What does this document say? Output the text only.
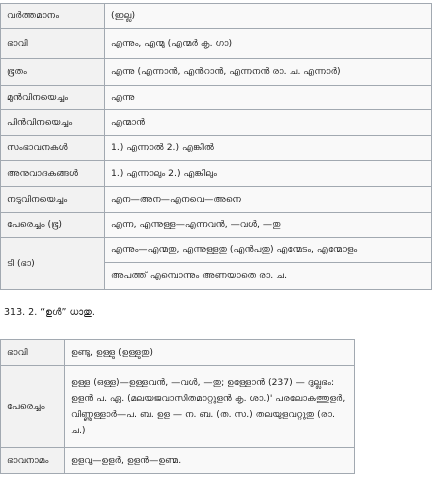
വർത്തമാനം	(ഇല്ല)
ഭാവി	എന്നും, എന്മു (എന്മർ കൃ. ഗാ)
ഭൂതം	എന്നു (എന്നാൻ, എൻറാൻ, എന്നനൻ രാ. ച. എന്നാർ)
മുൻവിനയെച്ചം	എന്നു
പിൻവിനയെച്ചം	എന്മാൻ
സംഭാവനകൾ	1.) എന്നാൽ 2.) എങ്കിൽ
അനുവാദകങ്ങൾ	1.) എന്നാലും 2.) എങ്കിലും
നടുവിനയെച്ചം	എന—അന—എനവെ—അനെ
പേരെച്ചം (ഭൂ)	എന്ന, എന്നുള്ള—എന്നവൻ, —വൾ, —തു
ടി (ഭാ)	എന്നും—എന്മതു, എന്നുള്ളതു (എൻപതു) എന്മേടം, എന്മോളം
	അപത്ത് എമ്പൊന്നും അണയാതെ രാ. ച.

313. 2. “ഉൾ” ധാതു.

ഭാവി	ഉണ്ടു, ഉള്ളു (ഉള്ളുതു)
പേരെച്ചം	ഉള്ള (ഒള്ള)—ഉള്ളവൻ, —വൾ, —തു; ഉള്ളോൻ (237) — ദുല്ലഭം: ഉളൻ പ. ഏ. (മലയജവാസിതമാറ്റുളൻ കൃ. ശാ.)' പരലോകത്തുളർ, വിണ്ണുള്ളാർ—പ. ബ. ഉള — ന. ബ. (ത. സ.) തലയുളവറ്റുതു (രാ. ച.)
ഭാവനാമം	ഉളവു—ഉളർ, ഉളൻ—ഉണ്മ.
